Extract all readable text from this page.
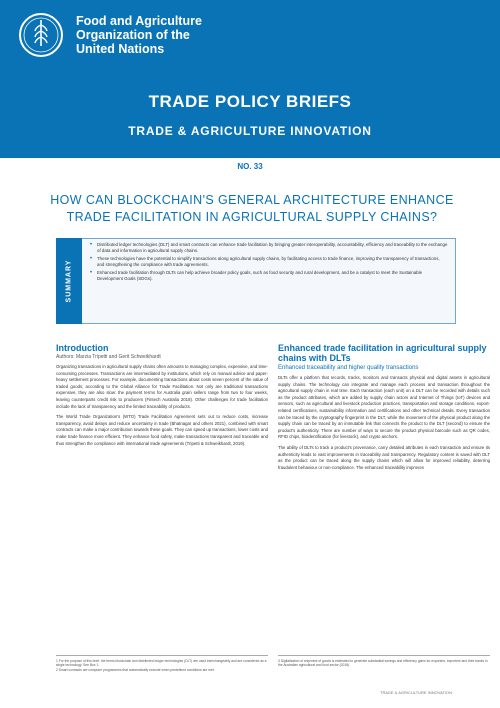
Food and Agriculture
Organization of the
United Nations
TRADE POLICY BRIEFS
TRADE & AGRICULTURE INNOVATION
NO. 33
HOW CAN BLOCKCHAIN'S GENERAL ARCHITECTURE ENHANCE
TRADE FACILITATION IN AGRICULTURAL SUPPLY CHAINS?
SUMMARY
• Distributed ledger technologies (DLT) and smart contracts can enhance trade facilitation by bringing greater interoperability, accountability, efficiency and traceability to the exchange of data and information in agricultural supply chains.
• These technologies have the potential to simplify transactions along agricultural supply chains, by facilitating access to trade finance, improving the transparency of transactions, and strengthening the compliance with trade agreements.
• Enhanced trade facilitation through DLTs can help achieve broader policy goals, such as food security and rural development, and be a catalyst to meet the Sustainable Development Goals (SDGs).
Introduction
Authors: Marzia Tripetti and Gerit Schweikhardt

Organizing transactions in agricultural supply chains often amounts to managing complex, expensive, and time-consuming processes. Transactions are intermediated by institutions, which rely on manual advice and paper-heavy settlement processes. For example, documenting transactions about costs seven percent of the value of traded goods, according to the Global Alliance for Trade Facilitation. Not only are traditional transactions expensive, they are also slow: the payment terms for Australia grain sellers range from two to four weeks, leaving counterparts credit risk to producers (Fintech Australia 2018). Other challenges for trade facilitation include the lack of transparency and the limited traceability of products.

The World Trade Organization's (WTO) Trade Facilitation Agreement sets out to reduce costs, increase transparency, avoid delays and reduce uncertainty in trade (Bhatnagar and others 2021), combined with smart contracts can make a major contribution towards these goals. They can speed up transactions, lower costs and make trade finance more efficient. They enhance food safety, make transactions transparent and traceable and thus strengthen the compliance with international trade agreements (Tripetti & Schweikhardt, 2019).

Enhanced trade facilitation in agricultural supply chains with DLTs
Enhanced traceability and higher quality transactions

DLTs offer a platform that records, tracks, monitors and transacts physical and digital assets in agricultural supply chains. The technology can integrate and manage each process and transaction throughout the agricultural supply chain in real time. Each transaction (each unit) on a DLT can be recorded with details such as the product attributes, which are added by supply chain actors and Internet of Things (IoT) devices and sensors, such as agricultural and livestock production practices, transportation and storage conditions, export-related certifications, sustainability information and certifications and other technical details. Every transaction can be traced by the cryptography fingerprint in the DLT, while the movement of the physical product along the supply chain can be traced by an immutable link that connects the product to the DLT (second) to ensure the product's authenticity. There are number of ways to secure the product physical barcode such as QR codes, RFID chips, bioidentification (for livestock), and crypto anchors.

The ability of DLTs to track a product's provenance, carry detailed attributes in each transaction and ensure its authenticity leads to vast improvements in traceability and transparency. Regulatory content is saved with DLT as the product can be traced along the supply chains which will allow for improved reliability, deterring fraudulent behaviour or non-compliance. The enhanced traceability improves

1 For the purpose of this brief, the terms blockchain and distributed ledger technologies (DLT) are used interchangeably and are considered as a single technology. See Box 1.
2 Smart contracts are computer programmes that automatically execute when predefined conditions are met.
3 Digitalisation of shipment of goods is estimated to generate substantial savings and efficiency gains for exporters, importers and their banks in the Australian agricultural and food sector (2018).
TRADE & AGRICULTURE INNOVATION
